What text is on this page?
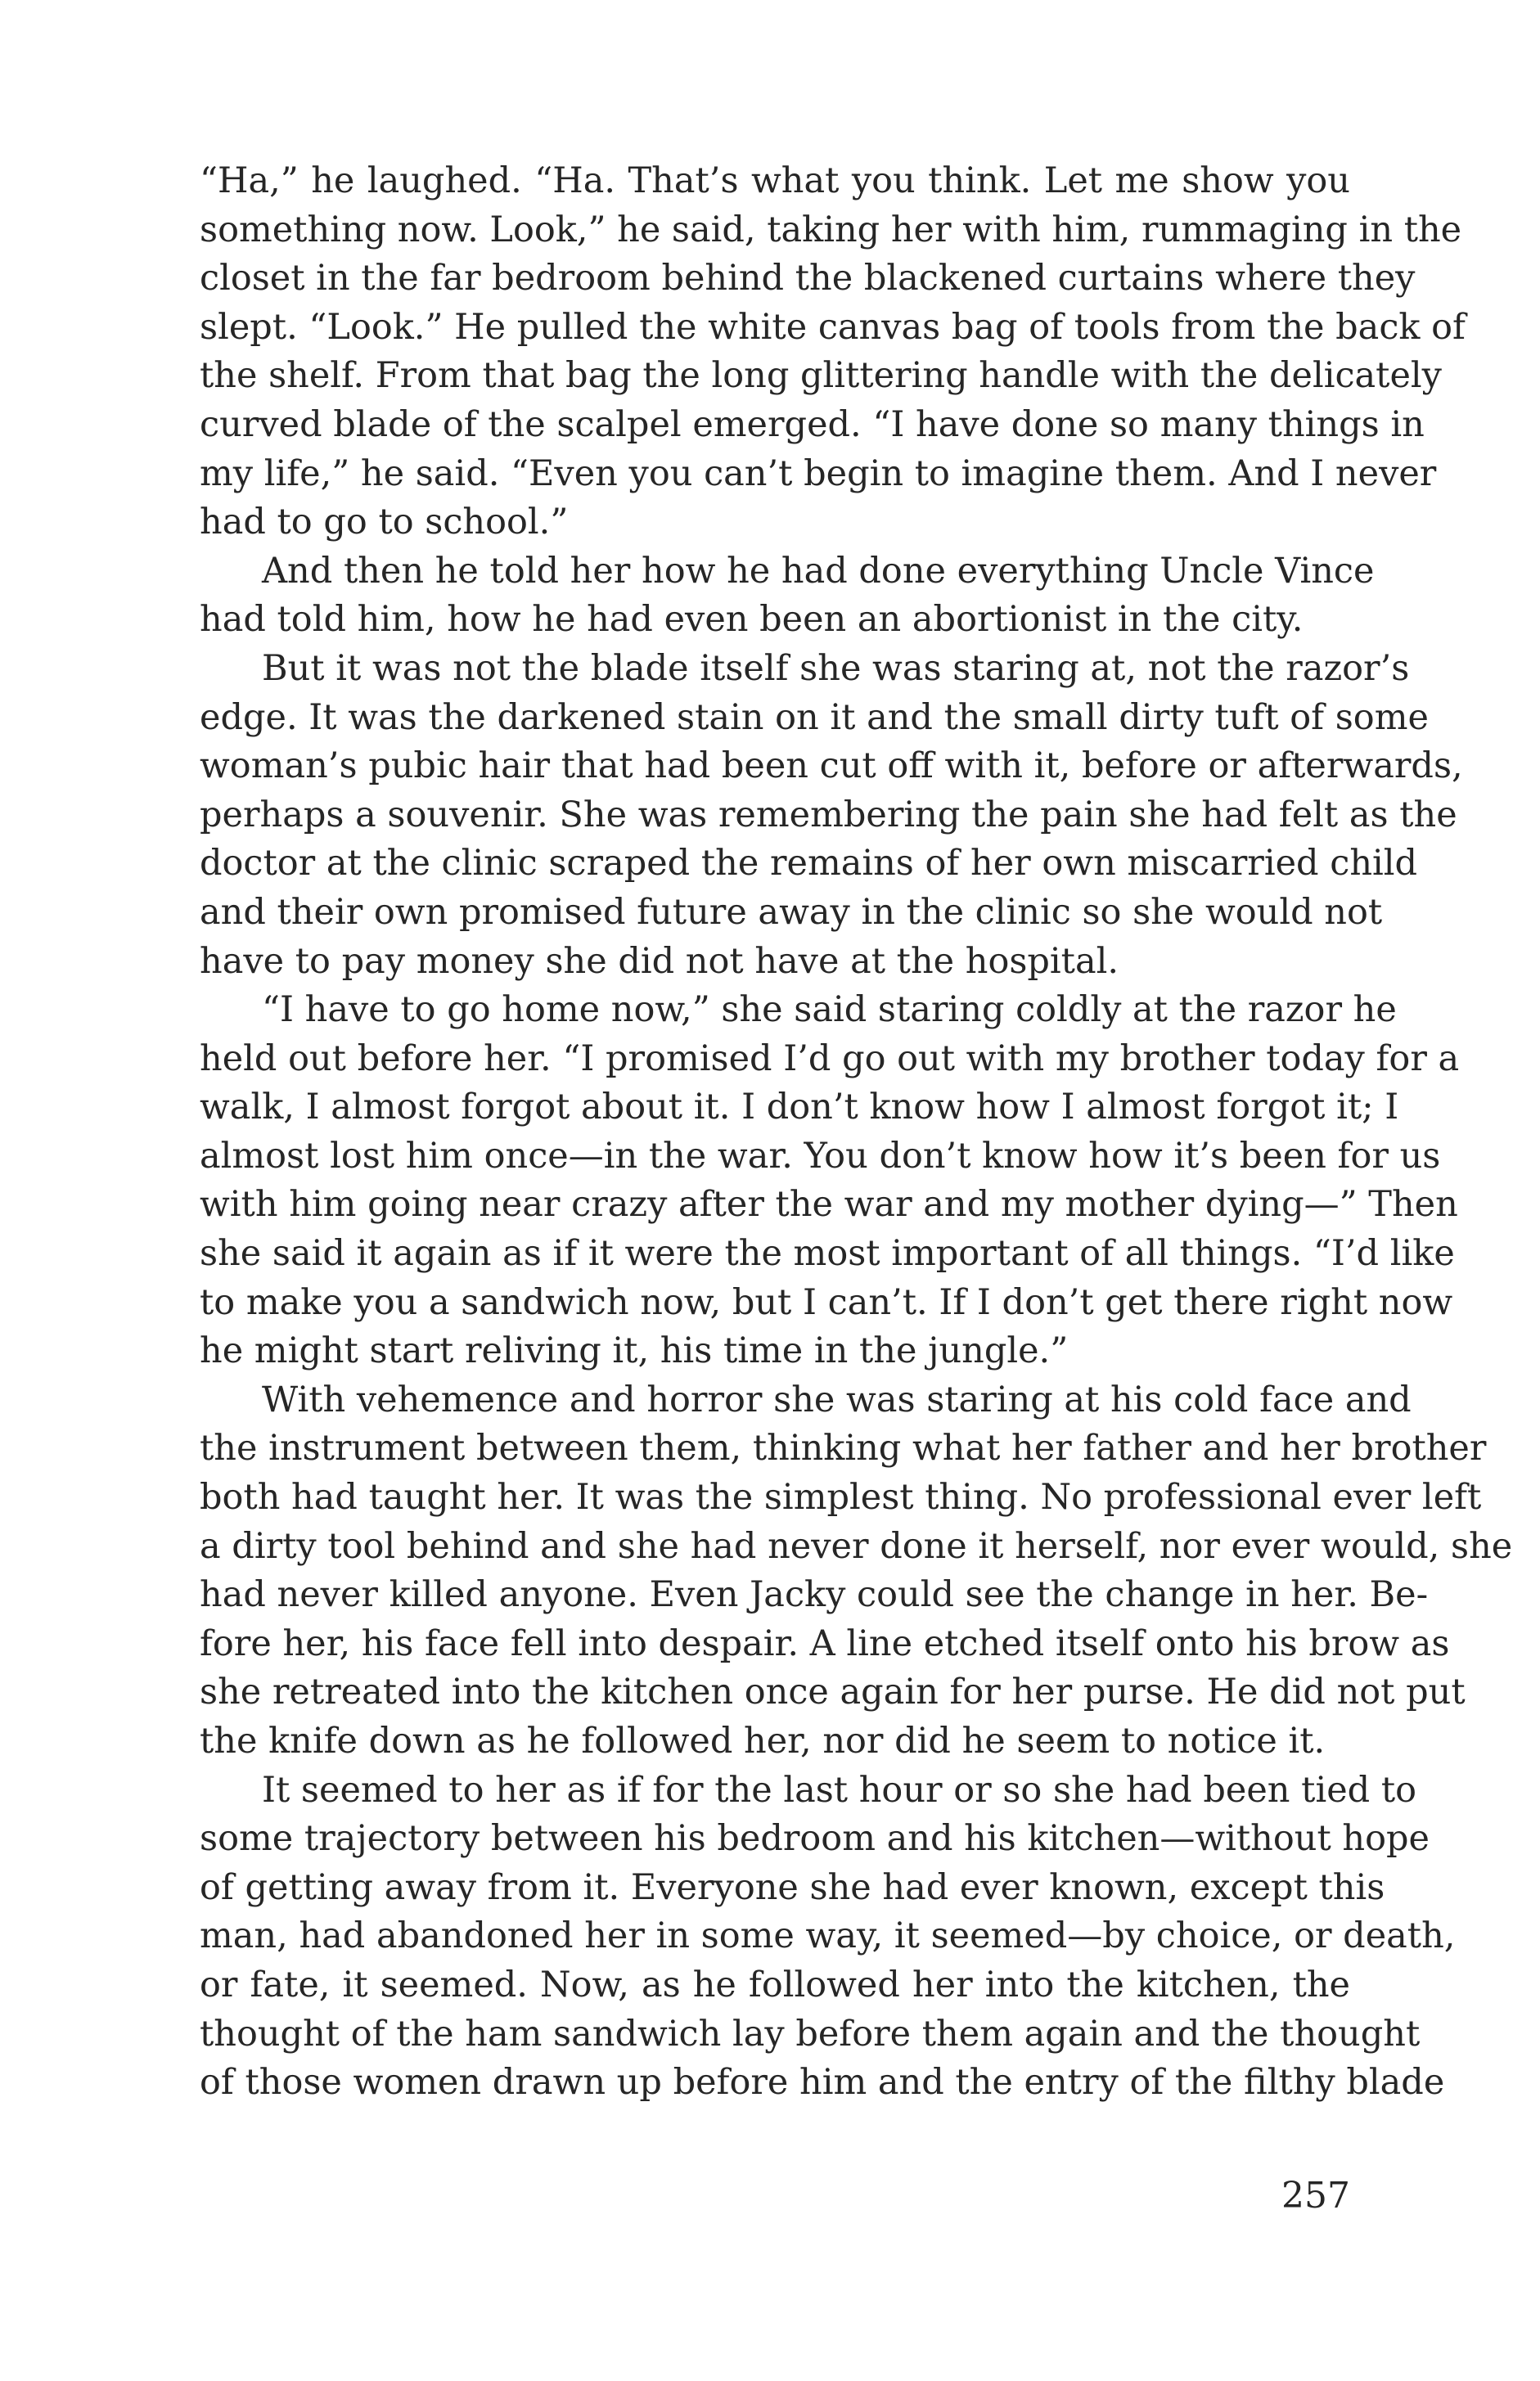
“Ha,” he laughed. “Ha. That’s what you think. Let me show you
something now. Look,” he said, taking her with him, rummaging in the
closet in the far bedroom behind the blackened curtains where they
slept. “Look.” He pulled the white canvas bag of tools from the back of
the shelf. From that bag the long glittering handle with the delicately
curved blade of the scalpel emerged. “I have done so many things in
my life,” he said. “Even you can’t begin to imagine them. And I never
had to go to school.”
And then he told her how he had done everything Uncle Vince
had told him, how he had even been an abortionist in the city.
But it was not the blade itself she was staring at, not the razor’s
edge. It was the darkened stain on it and the small dirty tuft of some
woman’s pubic hair that had been cut off with it, before or afterwards,
perhaps a souvenir. She was remembering the pain she had felt as the
doctor at the clinic scraped the remains of her own miscarried child
and their own promised future away in the clinic so she would not
have to pay money she did not have at the hospital.
“I have to go home now,” she said staring coldly at the razor he
held out before her. “I promised I’d go out with my brother today for a
walk, I almost forgot about it. I don’t know how I almost forgot it; I
almost lost him once—in the war. You don’t know how it’s been for us
with him going near crazy after the war and my mother dying—” Then
she said it again as if it were the most important of all things. “I’d like
to make you a sandwich now, but I can’t. If I don’t get there right now
he might start reliving it, his time in the jungle.”
With vehemence and horror she was staring at his cold face and
the instrument between them, thinking what her father and her brother
both had taught her. It was the simplest thing. No professional ever left
a dirty tool behind and she had never done it herself, nor ever would, she
had never killed anyone. Even Jacky could see the change in her. Be-
fore her, his face fell into despair. A line etched itself onto his brow as
she retreated into the kitchen once again for her purse. He did not put
the knife down as he followed her, nor did he seem to notice it.
It seemed to her as if for the last hour or so she had been tied to
some trajectory between his bedroom and his kitchen—without hope
of getting away from it. Everyone she had ever known, except this
man, had abandoned her in some way, it seemed—by choice, or death,
or fate, it seemed. Now, as he followed her into the kitchen, the
thought of the ham sandwich lay before them again and the thought
of those women drawn up before him and the entry of the filthy blade
257
